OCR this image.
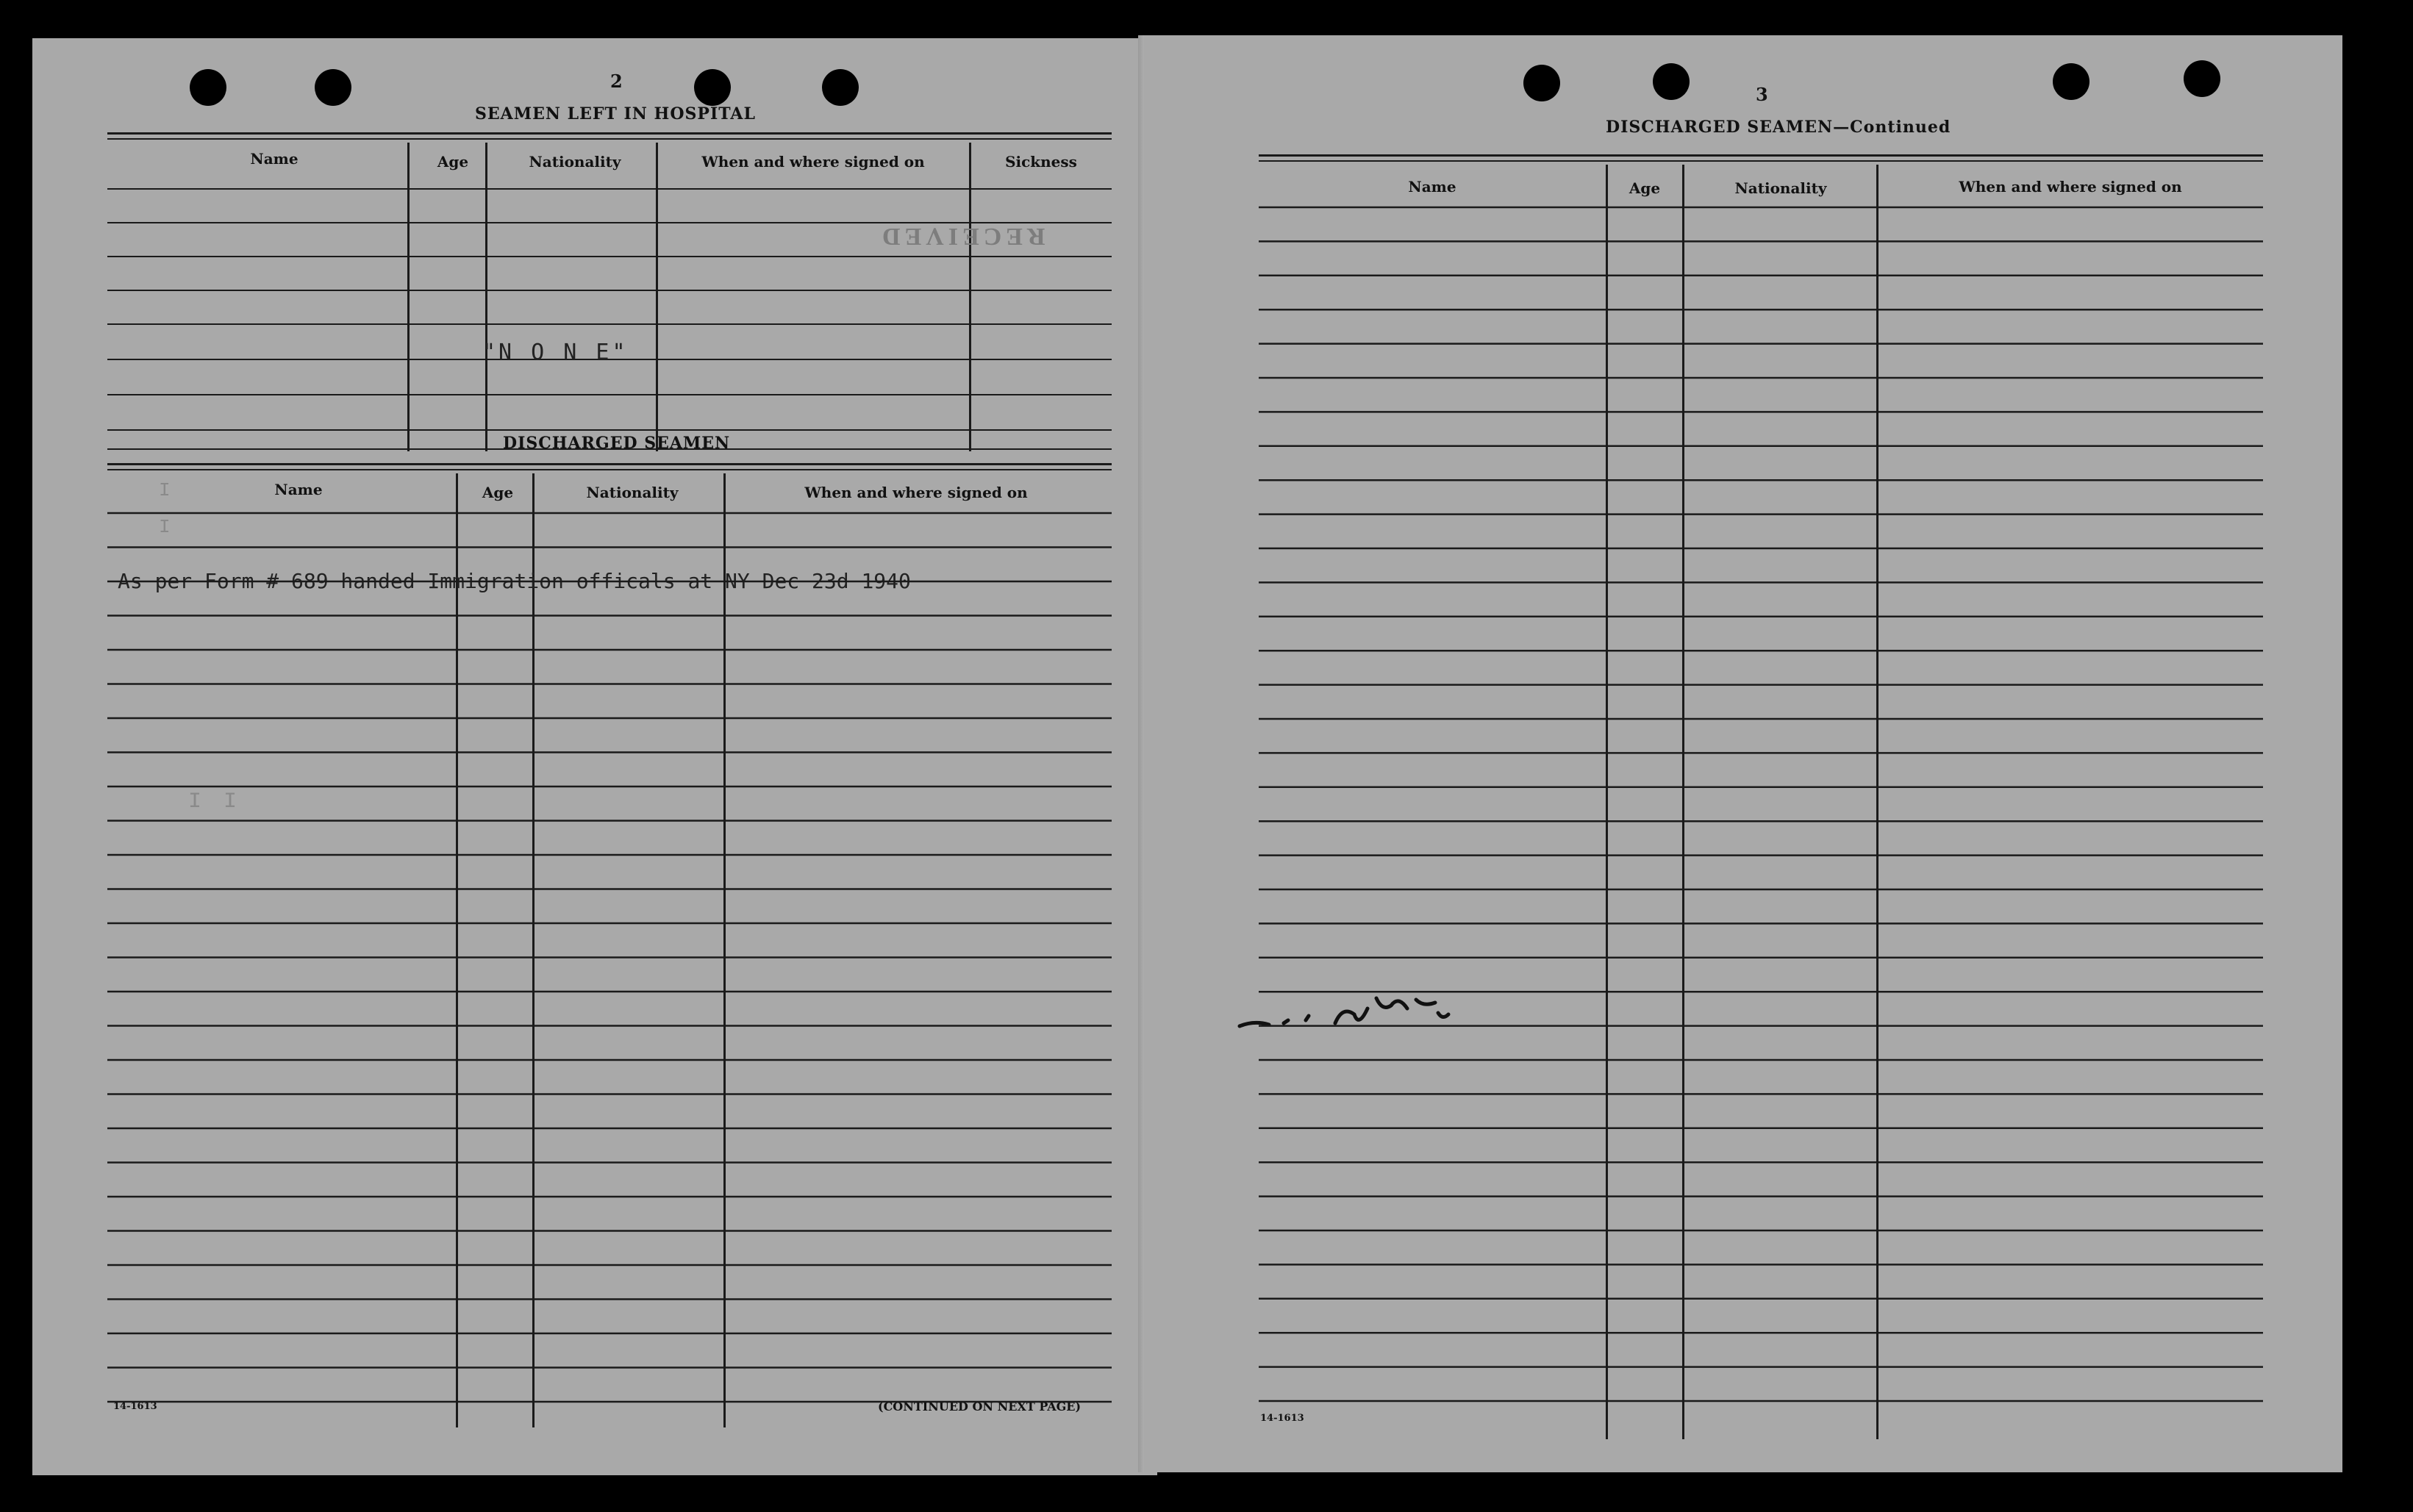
2
SEAMEN LEFT IN HOSPITAL
Name	Age	Nationality	When and where signed on	Sickness
RECEIVED
"N O N E"
DISCHARGED SEAMEN
Name	Age	Nationality	When and where signed on
As per Form # 689 handed Immigration officals at NY Dec 23d 1940
I
I
I I
14-1613	(CONTINUED ON NEXT PAGE)
3
DISCHARGED SEAMEN—Continued
Name	Age	Nationality	When and where signed on
14-1613
